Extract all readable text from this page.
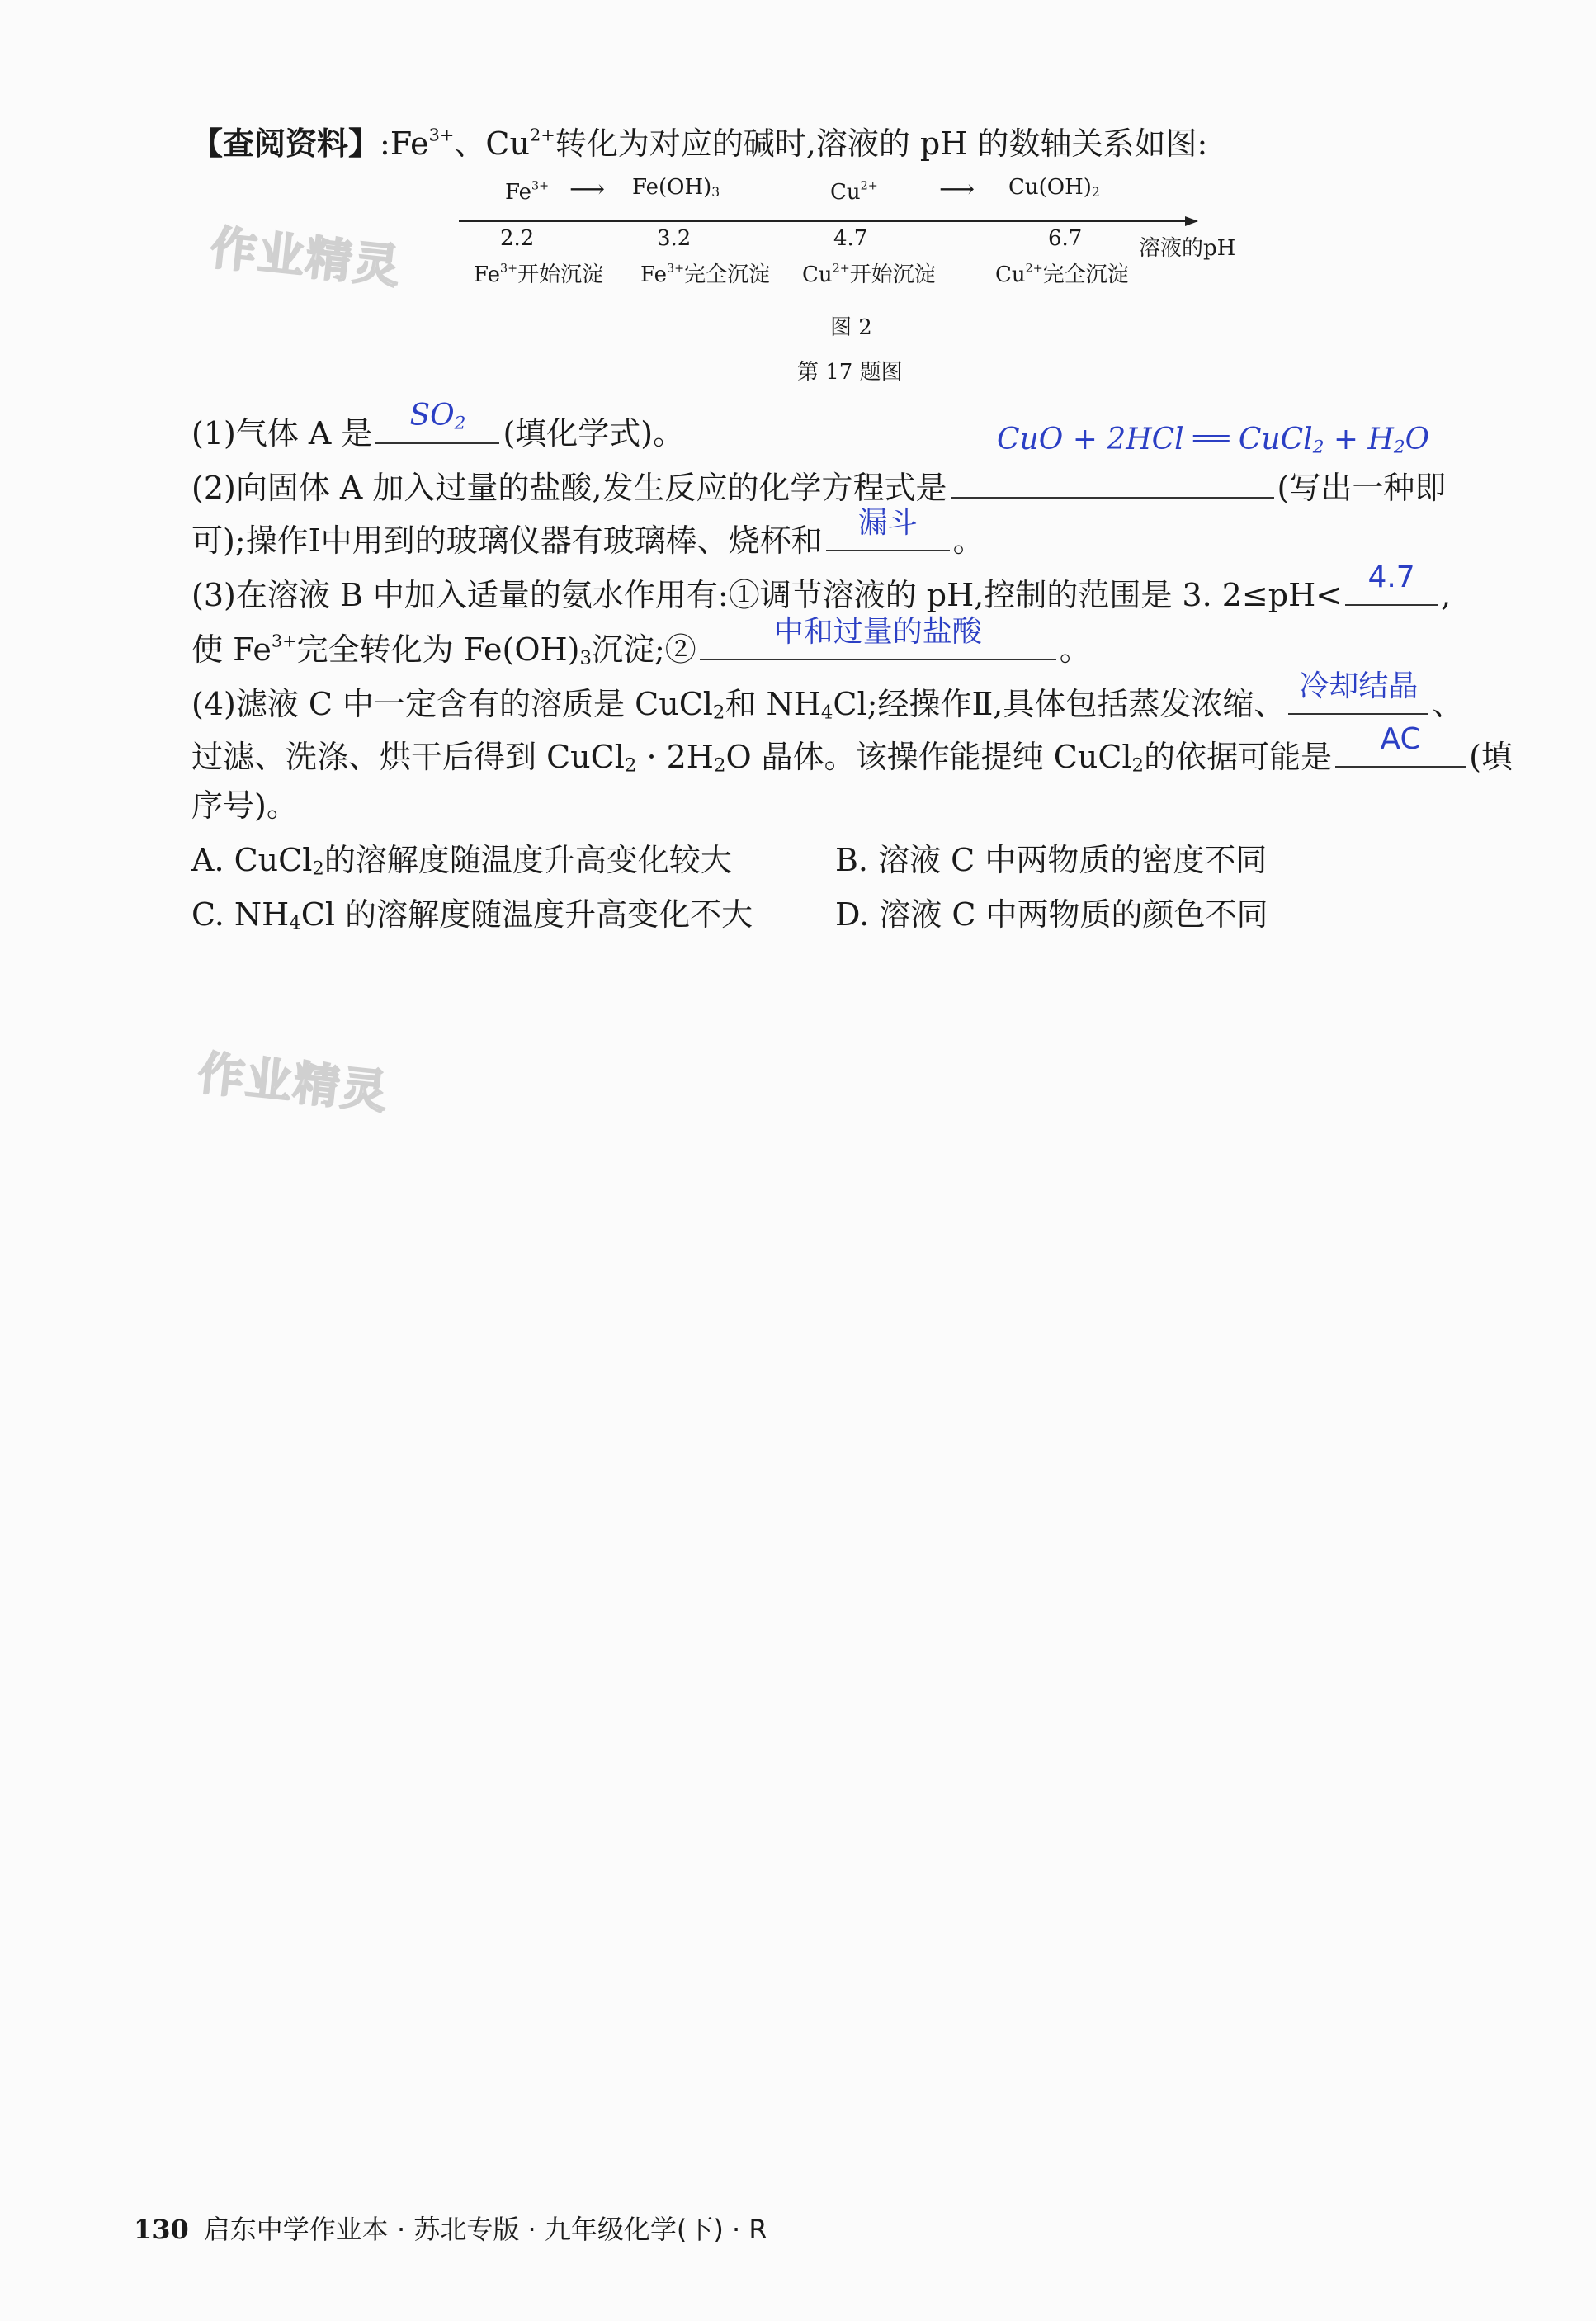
【查阅资料】$:Fe^{3+}$、$Cu^{2+}$转化为对应的碱时,溶液的 pH 的数轴关系如图:
作业精灵
作业精灵
$Fe^{3+}$ ⟶ $Fe(OH)_3$	$Cu^{2+}$ ⟶ $Cu(OH)_2$
2.2	3.2	4.7	6.7	溶液的pH
$Fe^{3+}$开始沉淀 $Fe^{3+}$完全沉淀 $Cu^{2+}$开始沉淀	$Cu^{2+}$完全沉淀
图 2
第 17 题图
(1)气体 A 是	$SO_2$	(填化学式)。	CuO + 2HCl ══ CuCl$_2$ + $H_2O$
(2)向固体 A 加入过量的盐酸,发生反应的化学方程式是	(写出一种即
可);操作Ⅰ中用到的玻璃仪器有玻璃棒、烧杯和	漏斗	。
(3)在溶液 B 中加入适量的氨水作用有:①调节溶液的 pH,控制的范围是 3. 2≤pH< 4.7 ,
使 $Fe^{3+}$完全转化为 $Fe(OH)_3$沉淀;②	中和过量的盐酸	。
(4)滤液 C 中一定含有的溶质是 CuCl$_2$和 $NH_4Cl$;经操作Ⅱ,具体包括蒸发浓缩、 冷却结晶 、
过滤、洗涤、烘干后得到 CuCl$_2$ · $2H_2O$ 晶体。该操作能提纯 CuCl$_2$的依据可能是	AC	(填
序号)。
A. CuCl$_2$的溶解度随温度升高变化较大	B. 溶液 C 中两物质的密度不同
C. $NH_4Cl$ 的溶解度随温度升高变化不大	D. 溶液 C 中两物质的颜色不同
130 启东中学作业本 · 苏北专版 · 九年级化学(下) · R
